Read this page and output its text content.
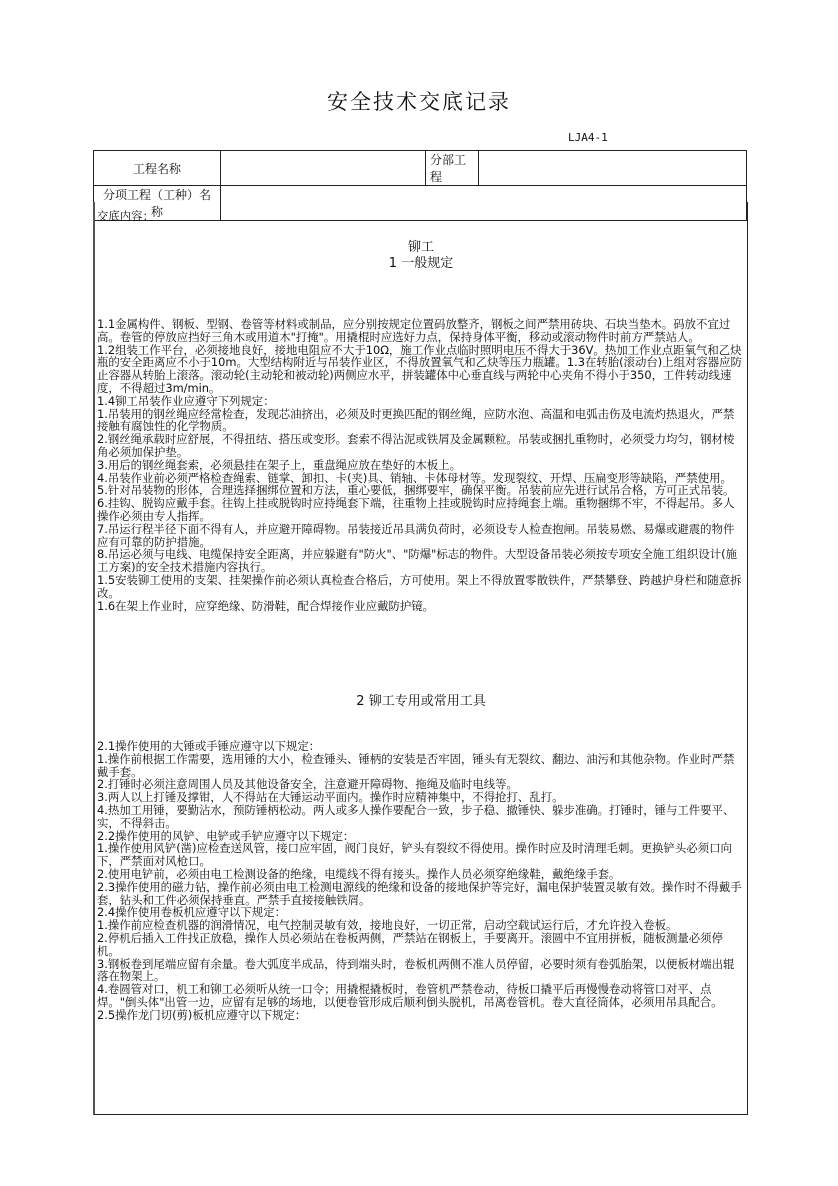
安全技术交底记录
LJA4-1
工程名称		分部工程	
分项工程（工种）名称			
交底内容：
铆工
1 一般规定
1.1金属构件、钢板、型钢、卷管等材料或制品，应分别按规定位置码放整齐，钢板之间严禁用砖块、石块当垫木。码放不宜过高。卷管的停放应挡好三角木或用道木"打掩"。用撬棍时应选好力点，保持身体平衡，移动或滚动物件时前方严禁站人。
1.2组装工作平台，必须接地良好，接地电阻应不大于10Ω，施工作业点临时照明电压不得大于36V。热加工作业点距氧气和乙炔瓶的安全距离应不小于10m。大型结构附近与吊装作业区，不得放置氧气和乙炔等压力瓶罐。1.3在转胎(滚动台)上组对容器应防止容器从转胎上滚落。滚动轮(主动轮和被动轮)两侧应水平，拼装罐体中心垂直线与两轮中心夹角不得小于350，工件转动线速度，不得超过3m/min。
1.4铆工吊装作业应遵守下列规定：
1.吊装用的钢丝绳应经常检查，发现芯油挤出，必须及时更换匹配的钢丝绳，应防水泡、高温和电弧击伤及电流灼热退火，严禁接触有腐蚀性的化学物质。
2.钢丝绳承载时应舒展，不得扭结、搭压或变形。套索不得沾泥或铁屑及金属颗粒。吊装或捆扎重物时，必须受力均匀，钢材棱角必须加保护垫。
3.用后的钢丝绳套索，必须悬挂在架子上，重盘绳应放在垫好的木板上。
4.吊装作业前必须严格检查绳索、链掌、卸扣、卡(夹)具、销轴、卡体母材等。发现裂纹、开焊、压扁变形等缺陷，严禁使用。
5.针对吊装物的形体，合理选择捆绑位置和方法，重心要低，捆绑要牢，确保平衡。吊装前应先进行试吊合格，方可正式吊装。
6.挂钩、脱钩应戴手套。往钩上挂或脱钩时应持绳套下端，往重物上挂或脱钩时应持绳套上端。重物捆绑不牢，不得起吊。多人操作必须由专人指挥。
7.吊运行程半径下面不得有人，并应避开障碍物。吊装接近吊具满负荷时，必须设专人检查抱闸。吊装易燃、易爆或避震的物件应有可靠的防护措施。
8.吊运必须与电线、电缆保持安全距离，并应躲避有"防火"、"防爆"标志的物件。大型设备吊装必须按专项安全施工组织设计(施工方案)的安全技术措施内容执行。
1.5安装铆工使用的支架、挂架操作前必须认真检查合格后，方可使用。架上不得放置零散铁件，严禁攀登、跨越护身栏和随意拆改。
1.6在架上作业时，应穿绝缘、防滑鞋，配合焊接作业应戴防护镜。
2 铆工专用或常用工具
2.1操作使用的大锤或手锤应遵守以下规定：
1.操作前根据工作需要，选用锤的大小，检查锤头、锤柄的安装是否牢固，锤头有无裂纹、翻边、油污和其他杂物。作业时严禁戴手套。
2.打锤时必须注意周围人员及其他设备安全，注意避开障碍物、拖绳及临时电线等。
3.两人以上打锤及撑钳，人不得站在大锤运动平面内。操作时应精神集中，不得抢打、乱打。
4.热加工用锤，要勤沾水，预防锤柄松动。两人或多人操作要配合一致，步子稳、撤锤快、躲步准确。打锤时，锤与工件要平、实，不得斜击。
2.2操作使用的风铲、电铲或手铲应遵守以下规定：
1.操作使用风铲(凿)应检查送风管，接口应牢固，阀门良好，铲头有裂纹不得使用。操作时应及时清理毛刺。更换铲头必须口向下，严禁面对风枪口。
2.使用电铲前，必须由电工检测设备的绝缘，电缆线不得有接头。操作人员必须穿绝缘鞋，戴绝缘手套。
2.3操作使用的磁力钻，操作前必须由电工检测电源线的绝缘和设备的接地保护等完好，漏电保护装置灵敏有效。操作时不得戴手套，钻头和工件必须保持垂直。严禁手直接接触铁屑。
2.4操作使用卷板机应遵守以下规定：
1.操作前应检查机器的润滑情况，电气控制灵敏有效，接地良好，一切正常，启动空载试运行后，才允许投入卷板。
2.停机后插入工件找正放稳，操作人员必须站在卷板两侧，严禁站在钢板上，手要离开。滚圆中不宜用拼板，随板测量必须停机。
3.钢板卷到尾端应留有余量。卷大弧度半成品，待到端头时，卷板机两侧不准人员停留，必要时须有卷弧胎架，以便板材端出辊落在物架上。
4.卷圆管对口，机工和铆工必须听从统一口令；用撬棍撬板时，卷管机严禁卷动，待板口撬平后再慢慢卷动将管口对平、点焊。"倒头体"出管一边，应留有足够的场地，以便卷管形成后顺利倒头脱机，吊离卷管机。卷大直径筒体，必须用吊具配合。
2.5操作龙门切(剪)板机应遵守以下规定：
